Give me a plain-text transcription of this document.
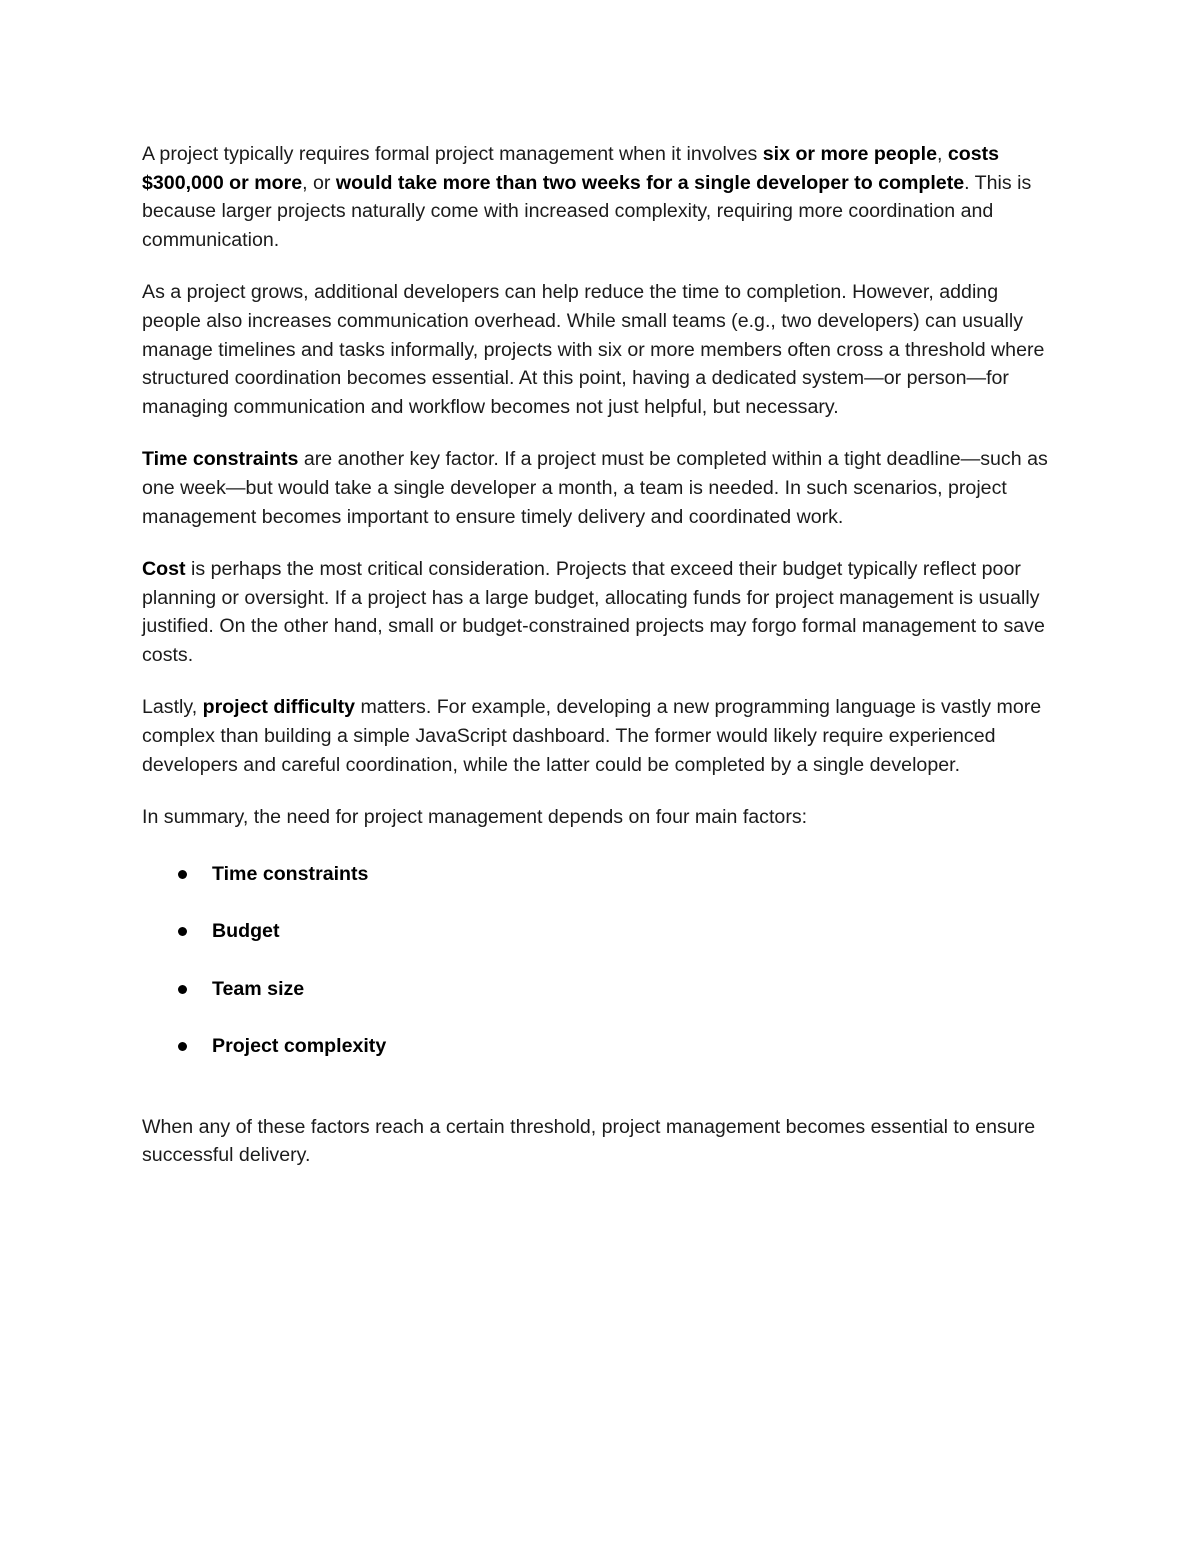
A project typically requires formal project management when it involves six or more people, costs $300,000 or more, or would take more than two weeks for a single developer to complete. This is because larger projects naturally come with increased complexity, requiring more coordination and communication.

As a project grows, additional developers can help reduce the time to completion. However, adding people also increases communication overhead. While small teams (e.g., two developers) can usually manage timelines and tasks informally, projects with six or more members often cross a threshold where structured coordination becomes essential. At this point, having a dedicated system—or person—for managing communication and workflow becomes not just helpful, but necessary.

Time constraints are another key factor. If a project must be completed within a tight deadline—such as one week—but would take a single developer a month, a team is needed. In such scenarios, project management becomes important to ensure timely delivery and coordinated work.

Cost is perhaps the most critical consideration. Projects that exceed their budget typically reflect poor planning or oversight. If a project has a large budget, allocating funds for project management is usually justified. On the other hand, small or budget-constrained projects may forgo formal management to save costs.

Lastly, project difficulty matters. For example, developing a new programming language is vastly more complex than building a simple JavaScript dashboard. The former would likely require experienced developers and careful coordination, while the latter could be completed by a single developer.

In summary, the need for project management depends on four main factors:

Time constraints
Budget
Team size
Project complexity

When any of these factors reach a certain threshold, project management becomes essential to ensure successful delivery.
